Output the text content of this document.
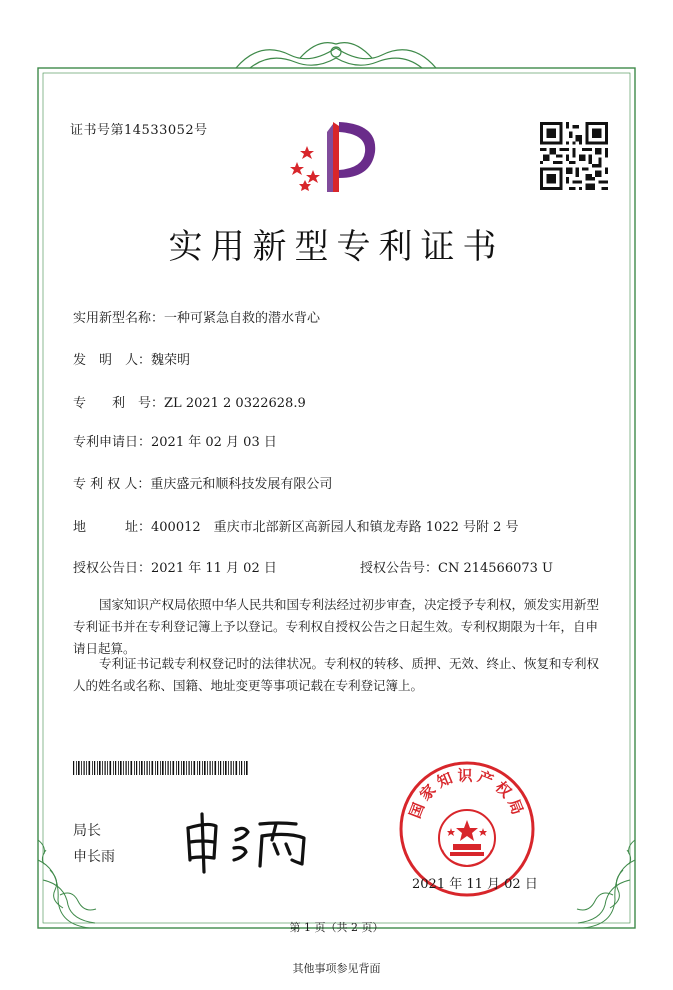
证书号第14533052号
实用新型专利证书
实用新型名称：一种可紧急自救的潜水背心
发　明　人：魏荣明
专　　利　号：ZL 2021 2 0322628.9
专利申请日：2021 年 02 月 03 日
专 利 权 人：重庆盛元和顺科技发展有限公司
地　　　址：400012　重庆市北部新区高新园人和镇龙寿路 1022 号附 2 号
授权公告日：2021 年 11 月 02 日	授权公告号：CN 214566073 U
国家知识产权局依照中华人民共和国专利法经过初步审查，决定授予专利权，颁发实用新型专利证书并在专利登记簿上予以登记。专利权自授权公告之日起生效。专利权期限为十年，自申请日起算。
专利证书记载专利权登记时的法律状况。专利权的转移、质押、无效、终止、恢复和专利权人的姓名或名称、国籍、地址变更等事项记载在专利登记簿上。
局长
申长雨
国家知识产权局
2021 年 11 月 02 日
第 1 页（共 2 页）
其他事项参见背面
